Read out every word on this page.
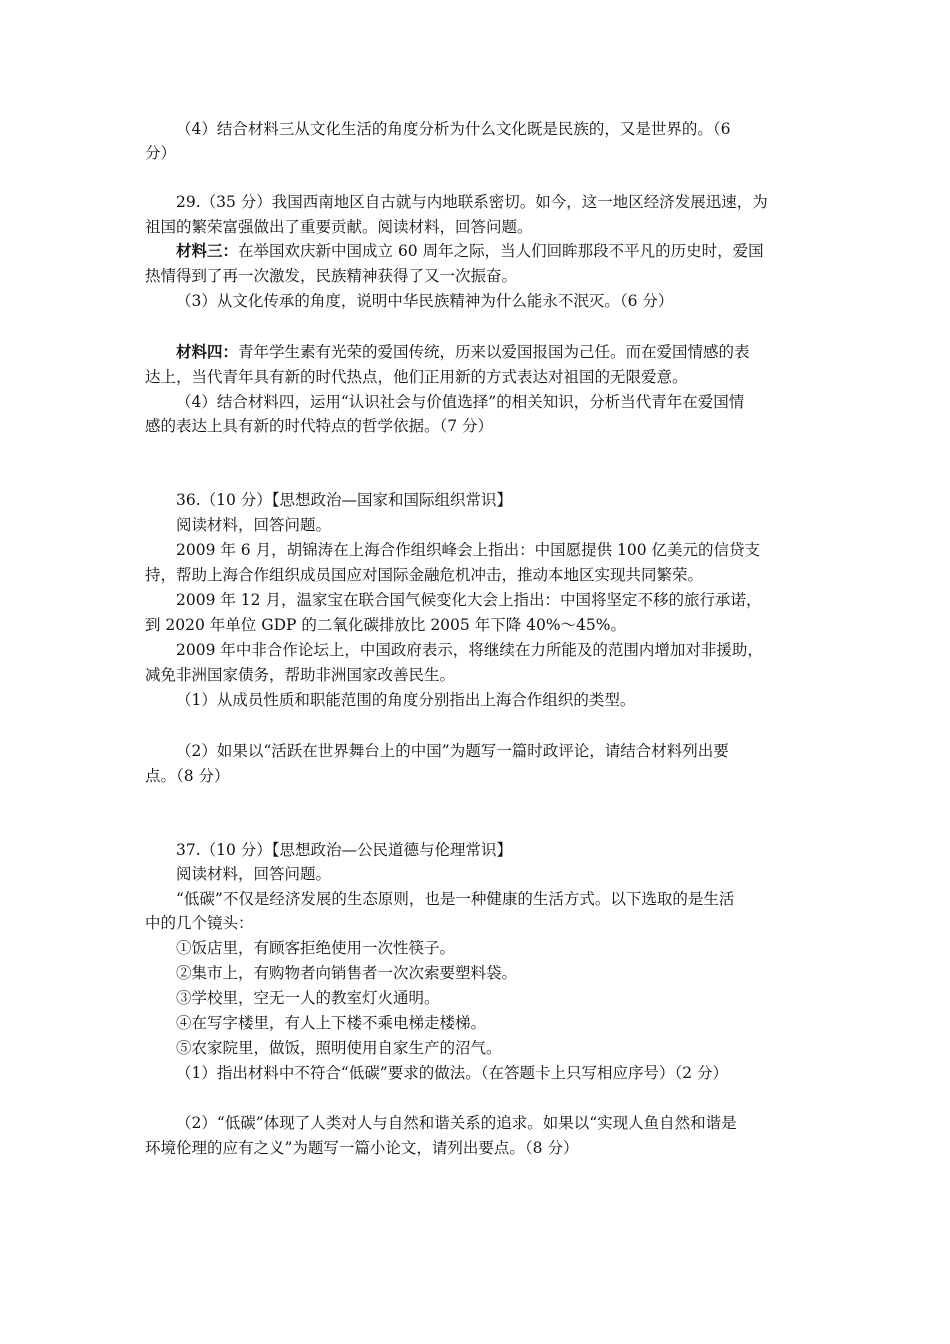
（4）结合材料三从文化生活的角度分析为什么文化既是民族的，又是世界的。（6
分）
29.（35 分）我国西南地区自古就与内地联系密切。如今，这一地区经济发展迅速，为
祖国的繁荣富强做出了重要贡献。阅读材料，回答问题。
材料三：在举国欢庆新中国成立 60 周年之际，当人们回眸那段不平凡的历史时，爱国
热情得到了再一次激发，民族精神获得了又一次振奋。
（3）从文化传承的角度，说明中华民族精神为什么能永不泯灭。（6 分）
材料四：青年学生素有光荣的爱国传统，历来以爱国报国为己任。而在爱国情感的表
达上，当代青年具有新的时代热点，他们正用新的方式表达对祖国的无限爱意。
（4）结合材料四，运用“认识社会与价值选择”的相关知识，分析当代青年在爱国情
感的表达上具有新的时代特点的哲学依据。（7 分）
36.（10 分）【思想政治—国家和国际组织常识】
阅读材料，回答问题。
2009 年 6 月，胡锦涛在上海合作组织峰会上指出：中国愿提供 100 亿美元的信贷支
持，帮助上海合作组织成员国应对国际金融危机冲击，推动本地区实现共同繁荣。
2009 年 12 月，温家宝在联合国气候变化大会上指出：中国将坚定不移的旅行承诺，
到 2020 年单位 GDP 的二氧化碳排放比 2005 年下降 40%～45%。
2009 年中非合作论坛上，中国政府表示，将继续在力所能及的范围内增加对非援助，
减免非洲国家债务，帮助非洲国家改善民生。
（1）从成员性质和职能范围的角度分别指出上海合作组织的类型。
（2）如果以“活跃在世界舞台上的中国”为题写一篇时政评论，请结合材料列出要
点。（8 分）
37.（10 分）【思想政治—公民道德与伦理常识】
阅读材料，回答问题。
“低碳”不仅是经济发展的生态原则，也是一种健康的生活方式。以下选取的是生活
中的几个镜头：
①饭店里，有顾客拒绝使用一次性筷子。
②集市上，有购物者向销售者一次次索要塑料袋。
③学校里，空无一人的教室灯火通明。
④在写字楼里，有人上下楼不乘电梯走楼梯。
⑤农家院里，做饭，照明使用自家生产的沼气。
（1）指出材料中不符合“低碳”要求的做法。（在答题卡上只写相应序号）（2 分）
（2）“低碳”体现了人类对人与自然和谐关系的追求。如果以“实现人鱼自然和谐是
环境伦理的应有之义”为题写一篇小论文，请列出要点。（8 分）
